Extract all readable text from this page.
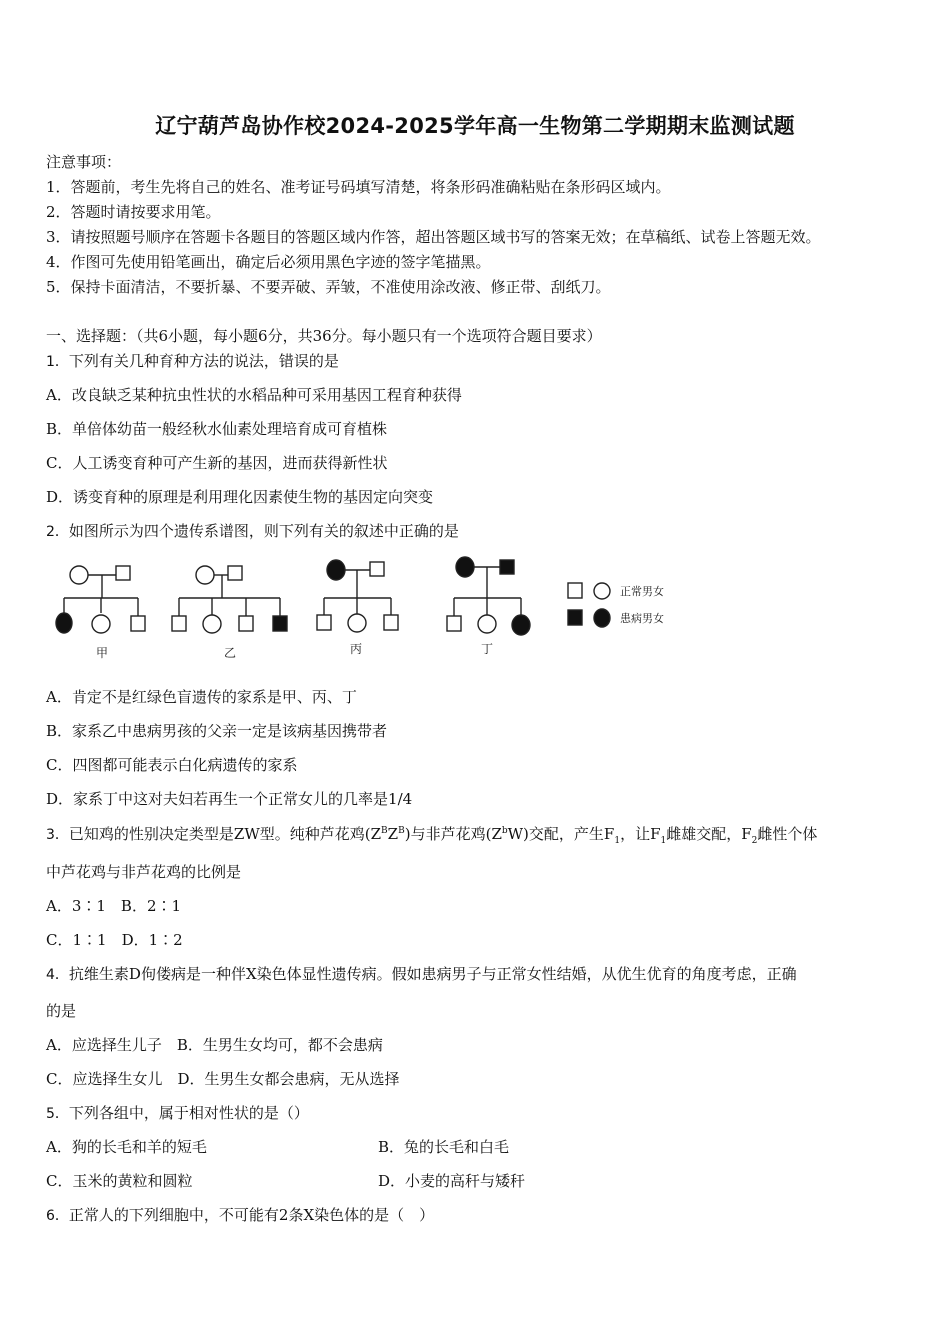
辽宁葫芦岛协作校2024-2025学年高一生物第二学期期末监测试题
注意事项：
1．答题前，考生先将自己的姓名、准考证号码填写清楚，将条形码准确粘贴在条形码区域内。
2．答题时请按要求用笔。
3．请按照题号顺序在答题卡各题目的答题区域内作答，超出答题区域书写的答案无效；在草稿纸、试卷上答题无效。
4．作图可先使用铅笔画出，确定后必须用黑色字迹的签字笔描黑。
5．保持卡面清洁，不要折暴、不要弄破、弄皱，不准使用涂改液、修正带、刮纸刀。
一、选择题：（共6小题，每小题6分，共36分。每小题只有一个选项符合题目要求）
1．下列有关几种育种方法的说法，错误的是
A．改良缺乏某种抗虫性状的水稻品种可采用基因工程育种获得
B．单倍体幼苗一般经秋水仙素处理培育成可育植株
C．人工诱变育种可产生新的基因，进而获得新性状
D．诱变育种的原理是利用理化因素使生物的基因定向突变
2．如图所示为四个遗传系谱图，则下列有关的叙述中正确的是
甲	乙	丙	丁
正常男女
患病男女
A．肯定不是红绿色盲遗传的家系是甲、丙、丁
B．家系乙中患病男孩的父亲一定是该病基因携带者
C．四图都可能表示白化病遗传的家系
D．家系丁中这对夫妇若再生一个正常女儿的几率是1/4
3．已知鸡的性别决定类型是ZW型。纯种芦花鸡$(Z^BZ^B)$与非芦花鸡$(Z^bW)$交配，产生$F_1$，让$F_1$雌雄交配，$F_2$雌性个体
中芦花鸡与非芦花鸡的比例是
A．3∶1　B．2∶1
C．1∶1　D．1∶2
4．抗维生素D佝偻病是一种伴X染色体显性遗传病。假如患病男子与正常女性结婚，从优生优育的角度考虑，正确
的是
A．应选择生儿子　B．生男生女均可，都不会患病
C．应选择生女儿　D．生男生女都会患病，无从选择
5．下列各组中，属于相对性状的是（）
A．狗的长毛和羊的短毛	B．兔的长毛和白毛
C．玉米的黄粒和圆粒	D．小麦的高秆与矮秆
6．正常人的下列细胞中，不可能有2条X染色体的是（　）
